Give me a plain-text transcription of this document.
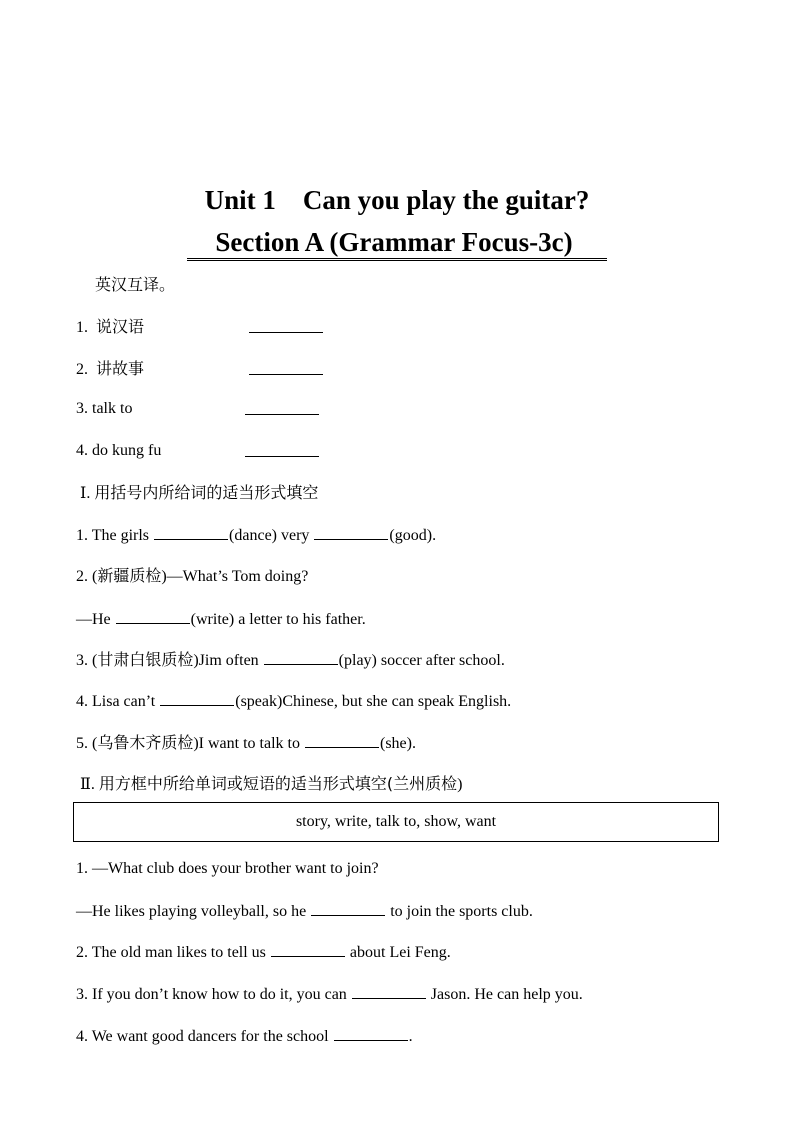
Unit 1    Can you play the guitar?
Section A (Grammar Focus-3c)
英汉互译。
1. 说汉语
2. 讲故事
3. talk to
4. do kung fu
Ⅰ. 用括号内所给词的适当形式填空
1. The girls	(dance) very	(good).
2. (新疆质检)—What’s Tom doing?
—He	(write) a letter to his father.
3. (甘肃白银质检)Jim often	(play) soccer after school.
4. Lisa can’t	(speak)Chinese, but she can speak English.
5. (乌鲁木齐质检)I want to talk to	(she).
Ⅱ. 用方框中所给单词或短语的适当形式填空(兰州质检)
story, write, talk to, show, want
1. —What club does your brother want to join?
—He likes playing volleyball, so he	to join the sports club.
2. The old man likes to tell us	about Lei Feng.
3. If you don’t know how to do it, you can	Jason. He can help you.
4. We want good dancers for the school	.
